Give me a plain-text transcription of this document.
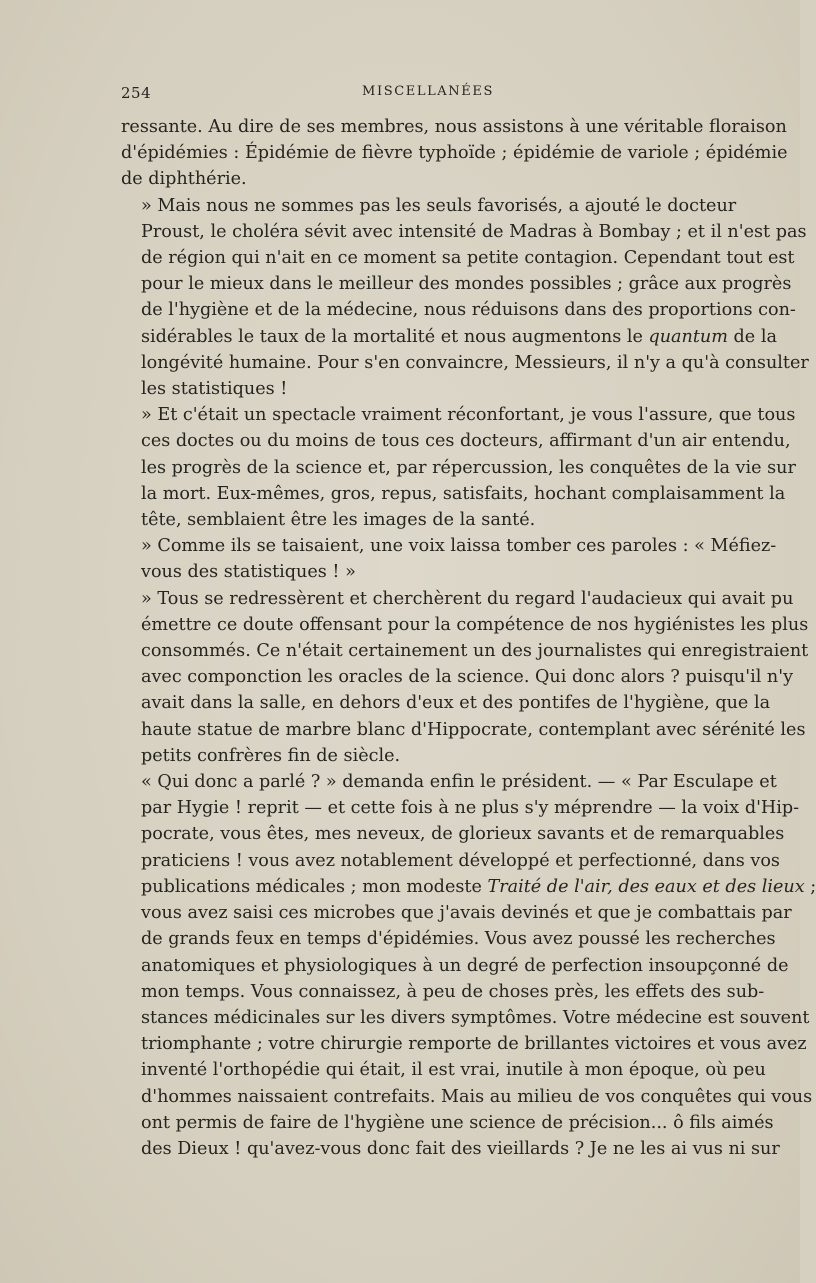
254	MISCELLANÉES
ressante. Au dire de ses membres, nous assistons à une véritable floraison
d'épidémies : Épidémie de fièvre typhoïde ; épidémie de variole ; épidémie
de diphthérie.
» Mais nous ne sommes pas les seuls favorisés, a ajouté le docteur
Proust, le choléra sévit avec intensité de Madras à Bombay ; et il n'est pas
de région qui n'ait en ce moment sa petite contagion. Cependant tout est
pour le mieux dans le meilleur des mondes possibles ; grâce aux progrès
de l'hygiène et de la médecine, nous réduisons dans des proportions con-
sidérables le taux de la mortalité et nous augmentons le quantum de la
longévité humaine. Pour s'en convaincre, Messieurs, il n'y a qu'à consulter
les statistiques !
» Et c'était un spectacle vraiment réconfortant, je vous l'assure, que tous
ces doctes ou du moins de tous ces docteurs, affirmant d'un air entendu,
les progrès de la science et, par répercussion, les conquêtes de la vie sur
la mort. Eux-mêmes, gros, repus, satisfaits, hochant complaisamment la
tête, semblaient être les images de la santé.
» Comme ils se taisaient, une voix laissa tomber ces paroles : « Méfiez-
vous des statistiques ! »
» Tous se redressèrent et cherchèrent du regard l'audacieux qui avait pu
émettre ce doute offensant pour la compétence de nos hygiénistes les plus
consommés. Ce n'était certainement un des journalistes qui enregistraient
avec componction les oracles de la science. Qui donc alors ? puisqu'il n'y
avait dans la salle, en dehors d'eux et des pontifes de l'hygiène, que la
haute statue de marbre blanc d'Hippocrate, contemplant avec sérénité les
petits confrères fin de siècle.
« Qui donc a parlé ? » demanda enfin le président. — « Par Esculape et
par Hygie ! reprit — et cette fois à ne plus s'y méprendre — la voix d'Hip-
pocrate, vous êtes, mes neveux, de glorieux savants et de remarquables
praticiens ! vous avez notablement développé et perfectionné, dans vos
publications médicales ; mon modeste Traité de l'air, des eaux et des lieux ;
vous avez saisi ces microbes que j'avais devinés et que je combattais par
de grands feux en temps d'épidémies. Vous avez poussé les recherches
anatomiques et physiologiques à un degré de perfection insoupçonné de
mon temps. Vous connaissez, à peu de choses près, les effets des sub-
stances médicinales sur les divers symptômes. Votre médecine est souvent
triomphante ; votre chirurgie remporte de brillantes victoires et vous avez
inventé l'orthopédie qui était, il est vrai, inutile à mon époque, où peu
d'hommes naissaient contrefaits. Mais au milieu de vos conquêtes qui vous
ont permis de faire de l'hygiène une science de précision... ô fils aimés
des Dieux ! qu'avez-vous donc fait des vieillards ? Je ne les ai vus ni sur
